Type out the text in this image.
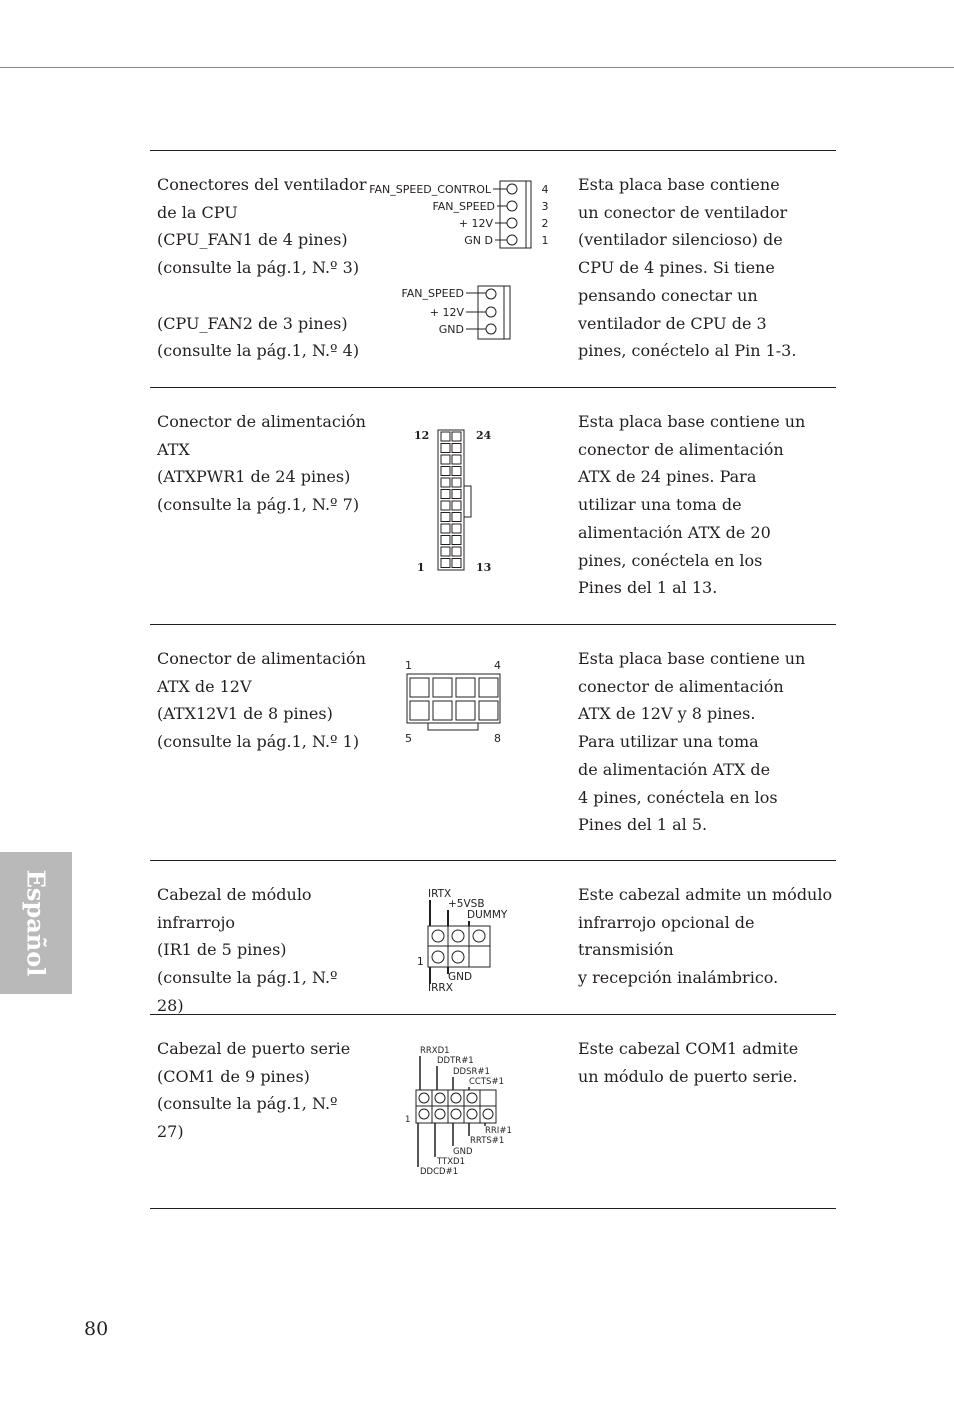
Español
80
Conectores del ventilador
de la CPU
(CPU_FAN1 de 4 pines)
(consulte la pág.1, N.º 3)

(CPU_FAN2 de 3 pines)
(consulte la pág.1, N.º 4)
Esta placa base contiene
un conector de ventilador
(ventilador silencioso) de
CPU de 4 pines. Si tiene
pensando conectar un
ventilador de CPU de 3
pines, conéctelo al Pin 1-3.
FAN_SPEED_CONTROL
FAN_SPEED
+ 12V
GN D
4
3
2
1
FAN_SPEED
+ 12V
GND
Conector de alimentación
ATX
(ATXPWR1 de 24 pines)
(consulte la pág.1, N.º 7)
Esta placa base contiene un
conector de alimentación
ATX de 24 pines. Para
utilizar una toma de
alimentación ATX de 20
pines, conéctela en los
Pines del 1 al 13.
12	24
1	13
Conector de alimentación
ATX de 12V
(ATX12V1 de 8 pines)
(consulte la pág.1, N.º 1)
Esta placa base contiene un
conector de alimentación
ATX de 12V y 8 pines.
Para utilizar una toma
de alimentación ATX de
4 pines, conéctela en los
Pines del 1 al 5.
1	4
5	8
Cabezal de módulo
infrarrojo
(IR1 de 5 pines)
(consulte la pág.1, N.º 28)
Este cabezal admite un módulo
infrarrojo opcional de transmisión
y recepción inalámbrico.
IRTX
+5VSB
DUMMY
1
GND
IRRX
Cabezal de puerto serie
(COM1 de 9 pines)
(consulte la pág.1, N.º 27)
Este cabezal COM1 admite
un módulo de puerto serie.
RRXD1
DDTR#1
DDSR#1
CCTS#1
1
RRI#1
RRTS#1
GND
TTXD1
DDCD#1
